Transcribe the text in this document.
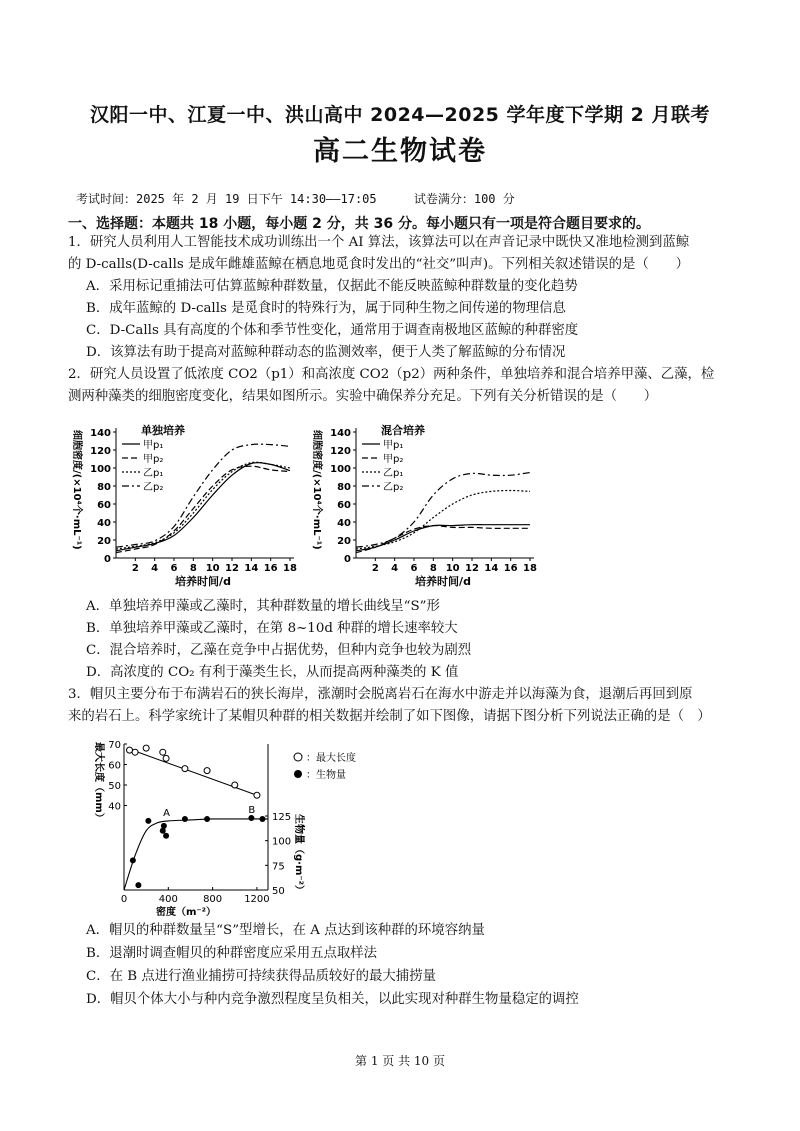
汉阳一中、江夏一中、洪山高中 2024—2025 学年度下学期 2 月联考
高二生物试卷
考试时间：2025 年 2 月 19 日下午 14:30——17:05	试卷满分：100 分
一、选择题：本题共 18 小题，每小题 2 分，共 36 分。每小题只有一项是符合题目要求的。
1．研究人员利用人工智能技术成功训练出一个 AI 算法，该算法可以在声音记录中既快又准地检测到蓝鲸
的 D-calls(D-calls 是成年雌雄蓝鲸在栖息地觅食时发出的“社交”叫声)。下列相关叙述错误的是（　　）
A．采用标记重捕法可估算蓝鲸种群数量，仅据此不能反映蓝鲸种群数量的变化趋势
B．成年蓝鲸的 D-calls 是觅食时的特殊行为，属于同种生物之间传递的物理信息
C．D-Calls 具有高度的个体和季节性变化，通常用于调查南极地区蓝鲸的种群密度
D．该算法有助于提高对蓝鲸种群动态的监测效率，便于人类了解蓝鲸的分布情况
2．研究人员设置了低浓度 CO2（p1）和高浓度 CO2（p2）两种条件，单独培养和混合培养甲藻、乙藻，检
测两种藻类的细胞密度变化，结果如图所示。实验中确保养分充足。下列有关分析错误的是（　　）
单独培养
0
20
40
60
80
100
120
140
2 4 6 8 10 12 14 16 18
培养时间/d
细胞密度/(×10⁴个·mL⁻¹)	甲p₁
甲p₂
乙p₁
乙p₂
混合培养
0
20
40
60
80
100
120
140
2 4 6 8 10 12 14 16 18
培养时间/d
细胞密度/(×10⁴个·mL⁻¹)	甲p₁
甲p₂
乙p₁
乙p₂
A．单独培养甲藻或乙藻时，其种群数量的增长曲线呈“S”形
B．单独培养甲藻或乙藻时，在第 8~10d 种群的增长速率较大
C．混合培养时，乙藻在竞争中占据优势，但种内竞争也较为剧烈
D．高浓度的 CO₂ 有利于藻类生长，从而提高两种藻类的 K 值
3．帽贝主要分布于布满岩石的狭长海岸，涨潮时会脱离岩石在海水中游走并以海藻为食，退潮后再回到原
来的岩石上。科学家统计了某帽贝种群的相关数据并绘制了如下图像，请据下图分析下列说法正确的是（　）
40
50
60
70
50
75
100
125
0	400	800 1200
密度（m⁻²）
最大长度（mm）
生物量（g·m⁻²）
A	B
：最大长度
：生物量
A．帽贝的种群数量呈“S”型增长，在 A 点达到该种群的环境容纳量
B．退潮时调查帽贝的种群密度应采用五点取样法
C．在 B 点进行渔业捕捞可持续获得品质较好的最大捕捞量
D．帽贝个体大小与种内竞争激烈程度呈负相关，以此实现对种群生物量稳定的调控
第 1 页 共 10 页
